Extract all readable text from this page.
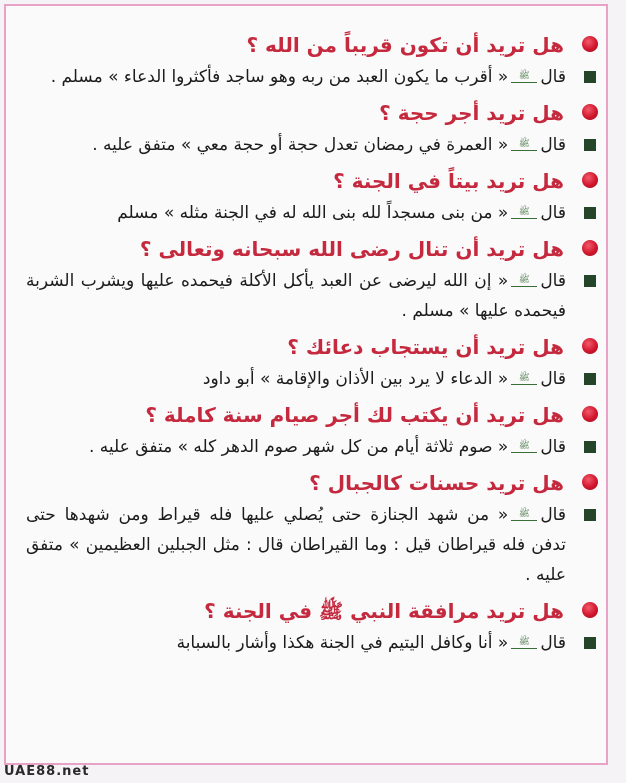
هل تريد أن تكون قريباً من الله ؟
قالﷺ« أقرب ما يكون العبد من ربه وهو ساجد فأكثروا الدعاء » مسلم .
هل تريد أجر حجة ؟
قالﷺ« العمرة في رمضان تعدل حجة أو حجة معي » متفق عليه .
هل تريد بيتاً في الجنة ؟
قالﷺ« من بنى مسجداً لله بنى الله له في الجنة مثله » مسلم
هل تريد أن تنال رضى الله سبحانه وتعالى ؟
قالﷺ« إن الله ليرضى عن العبد يأكل الأكلة فيحمده عليها ويشرب الشربة فيحمده عليها » مسلم .
هل تريد أن يستجاب دعائك ؟
قالﷺ« الدعاء لا يرد بين الأذان والإقامة » أبو داود
هل تريد أن يكتب لك أجر صيام سنة كاملة ؟
قالﷺ« صوم ثلاثة أيام من كل شهر صوم الدهر كله » متفق عليه .
هل تريد حسنات كالجبال ؟
قالﷺ« من شهد الجنازة حتى يُصلي عليها فله قيراط ومن شهدها حتى تدفن فله قيراطان قيل : وما القيراطان قال : مثل الجبلين العظيمين » متفق عليه .
هل تريد مرافقة النبي ﷺ في الجنة ؟
قالﷺ« أنا وكافل اليتيم في الجنة هكذا وأشار بالسبابة
UAE88.net
